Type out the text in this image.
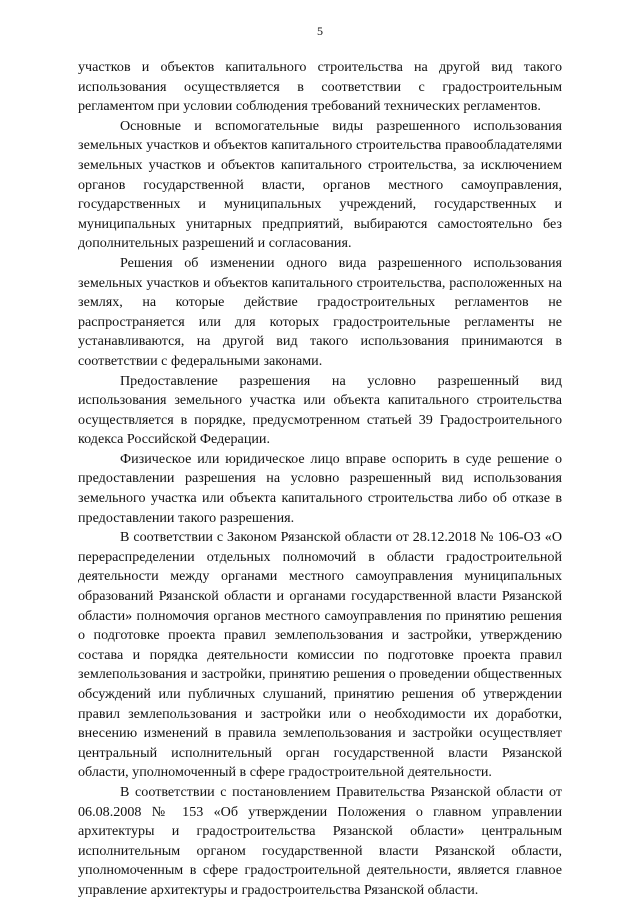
5

участков и объектов капитального строительства на другой вид такого использования осуществляется в соответствии с градостроительным регламентом при условии соблюдения требований технических регламентов.

Основные и вспомогательные виды разрешенного использования земельных участков и объектов капитального строительства правообладателями земельных участков и объектов капитального строительства, за исключением органов государственной власти, органов местного самоуправления, государственных и муниципальных учреждений, государственных и муниципальных унитарных предприятий, выбираются самостоятельно без дополнительных разрешений и согласования.

Решения об изменении одного вида разрешенного использования земельных участков и объектов капитального строительства, расположенных на землях, на которые действие градостроительных регламентов не распространяется или для которых градостроительные регламенты не устанавливаются, на другой вид такого использования принимаются в соответствии с федеральными законами.

Предоставление разрешения на условно разрешенный вид использования земельного участка или объекта капитального строительства осуществляется в порядке, предусмотренном статьей 39 Градостроительного кодекса Российской Федерации.

Физическое или юридическое лицо вправе оспорить в суде решение о предоставлении разрешения на условно разрешенный вид использования земельного участка или объекта капитального строительства либо об отказе в предоставлении такого разрешения.

В соответствии с Законом Рязанской области от 28.12.2018 № 106-ОЗ «О перераспределении отдельных полномочий в области градостроительной деятельности между органами местного самоуправления муниципальных образований Рязанской области и органами государственной власти Рязанской области» полномочия органов местного самоуправления по принятию решения о подготовке проекта правил землепользования и застройки, утверждению состава и порядка деятельности комиссии по подготовке проекта правил землепользования и застройки, принятию решения о проведении общественных обсуждений или публичных слушаний, принятию решения об утверждении правил землепользования и застройки или о необходимости их доработки, внесению изменений в правила землепользования и застройки осуществляет центральный исполнительный орган государственной власти Рязанской области, уполномоченный в сфере градостроительной деятельности.

В соответствии с постановлением Правительства Рязанской области от 06.08.2008 № 153 «Об утверждении Положения о главном управлении архитектуры и градостроительства Рязанской области» центральным исполнительным органом государственной власти Рязанской области, уполномоченным в сфере градостроительной деятельности, является главное управление архитектуры и градостроительства Рязанской области.
